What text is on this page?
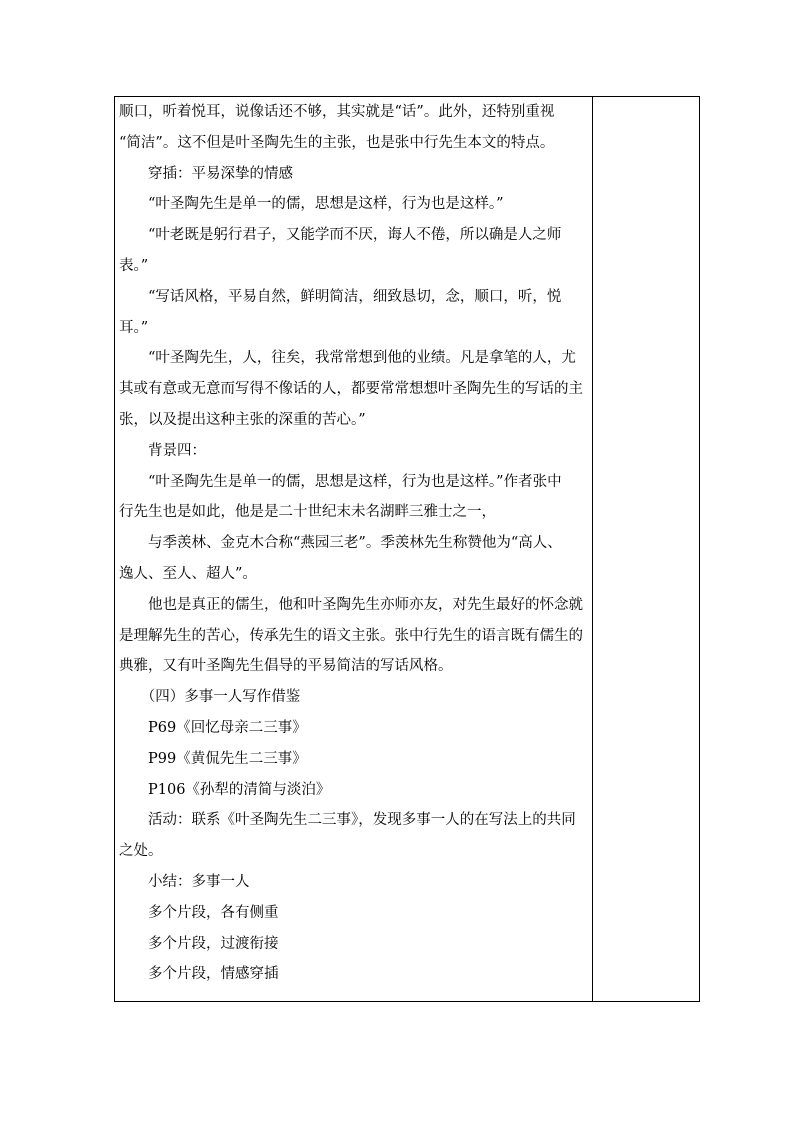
顺口，听着悦耳，说像话还不够，其实就是“话”。此外，还特别重视
“简洁”。这不但是叶圣陶先生的主张，也是张中行先生本文的特点。
　　穿插：平易深挚的情感
　　“叶圣陶先生是单一的儒，思想是这样，行为也是这样。”
　　“叶老既是躬行君子，又能学而不厌，诲人不倦，所以确是人之师
表。”
　　“写话风格，平易自然，鲜明简洁，细致恳切，念，顺口，听，悦
耳。”
　　“叶圣陶先生，人，往矣，我常常想到他的业绩。凡是拿笔的人，尤
其或有意或无意而写得不像话的人，都要常常想想叶圣陶先生的写话的主
张，以及提出这种主张的深重的苦心。”
　　背景四：
　　“叶圣陶先生是单一的儒，思想是这样，行为也是这样。”作者张中
行先生也是如此，他是是二十世纪末未名湖畔三雅士之一，
　　与季羡林、金克木合称“燕园三老”。季羡林先生称赞他为“高人、
逸人、至人、超人”。
　　他也是真正的儒生，他和叶圣陶先生亦师亦友，对先生最好的怀念就
是理解先生的苦心，传承先生的语文主张。张中行先生的语言既有儒生的
典雅，又有叶圣陶先生倡导的平易简洁的写话风格。
　　（四）多事一人写作借鉴
　　P69《回忆母亲二三事》
　　P99《黄侃先生二三事》
　　P106《孙犁的清简与淡泊》
　　活动：联系《叶圣陶先生二三事》，发现多事一人的在写法上的共同
之处。
　　小结：多事一人
　　多个片段，各有侧重
　　多个片段，过渡衔接
　　多个片段，情感穿插
